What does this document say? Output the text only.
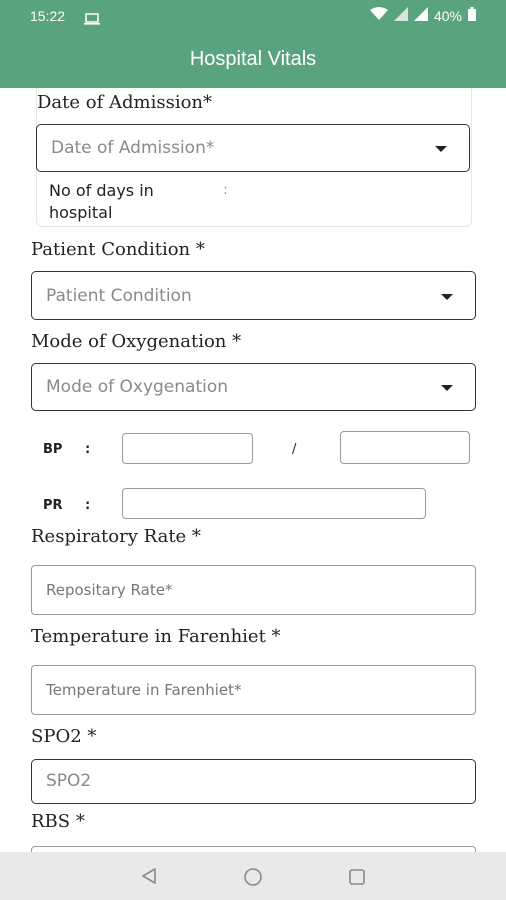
15:22	40%
Hospital Vitals
Date of Admission*
Date of Admission*
No of days in hospital
:
Patient Condition *
Patient Condition
Mode of Oxygenation *
Mode of Oxygenation
BP :	/
PR :
Respiratory Rate *
Repositary Rate*
Temperature in Farenhiet *
Temperature in Farenhiet*
SPO2 *
SPO2
RBS *
